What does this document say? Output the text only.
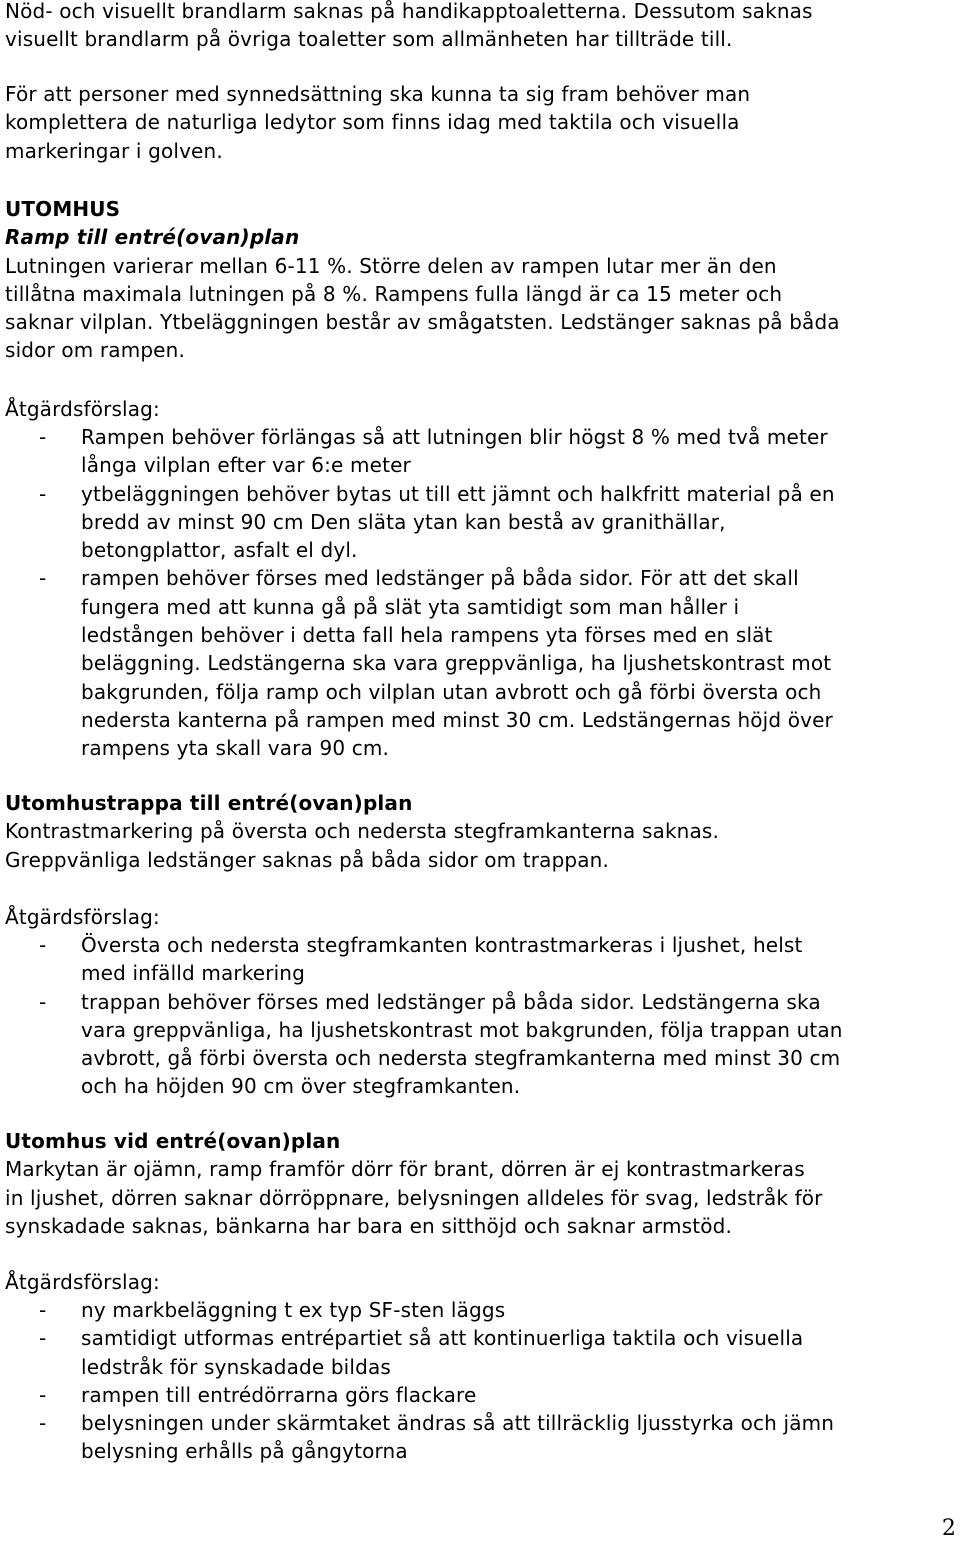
Nöd- och visuellt brandlarm saknas på handikapptoaletterna. Dessutom saknas
visuellt brandlarm på övriga toaletter som allmänheten har tillträde till.

För att personer med synnedsättning ska kunna ta sig fram behöver man
komplettera de naturliga ledytor som finns idag med taktila och visuella
markeringar i golven.

UTOMHUS
Ramp till entré(ovan)plan
Lutningen varierar mellan 6-11 %. Större delen av rampen lutar mer än den
tillåtna maximala lutningen på 8 %. Rampens fulla längd är ca 15 meter och
saknar vilplan. Ytbeläggningen består av smågatsten. Ledstänger saknas på båda
sidor om rampen.

Åtgärdsförslag:

- Rampen behöver förlängas så att lutningen blir högst 8 % med två meter
långa vilplan efter var 6:e meter
- ytbeläggningen behöver bytas ut till ett jämnt och halkfritt material på en
bredd av minst 90 cm Den släta ytan kan bestå av granithällar,
betongplattor, asfalt el dyl.
- rampen behöver förses med ledstänger på båda sidor. För att det skall
fungera med att kunna gå på slät yta samtidigt som man håller i
ledstången behöver i detta fall hela rampens yta förses med en slät
beläggning. Ledstängerna ska vara greppvänliga, ha ljushetskontrast mot
bakgrunden, följa ramp och vilplan utan avbrott och gå förbi översta och
nedersta kanterna på rampen med minst 30 cm. Ledstängernas höjd över
rampens yta skall vara 90 cm.

Utomhustrappa till entré(ovan)plan
Kontrastmarkering på översta och nedersta stegframkanterna saknas.
Greppvänliga ledstänger saknas på båda sidor om trappan.

Åtgärdsförslag:

- Översta och nedersta stegframkanten kontrastmarkeras i ljushet, helst
med infälld markering
- trappan behöver förses med ledstänger på båda sidor. Ledstängerna ska
vara greppvänliga, ha ljushetskontrast mot bakgrunden, följa trappan utan
avbrott, gå förbi översta och nedersta stegframkanterna med minst 30 cm
och ha höjden 90 cm över stegframkanten.

Utomhus vid entré(ovan)plan
Markytan är ojämn, ramp framför dörr för brant, dörren är ej kontrastmarkeras
in ljushet, dörren saknar dörröppnare, belysningen alldeles för svag, ledstråk för
synskadade saknas, bänkarna har bara en sitthöjd och saknar armstöd.

Åtgärdsförslag:

- ny markbeläggning t ex typ SF-sten läggs
- samtidigt utformas entrépartiet så att kontinuerliga taktila och visuella
ledstråk för synskadade bildas
- rampen till entrédörrarna görs flackare
- belysningen under skärmtaket ändras så att tillräcklig ljusstyrka och jämn
belysning erhålls på gångytorna
2
